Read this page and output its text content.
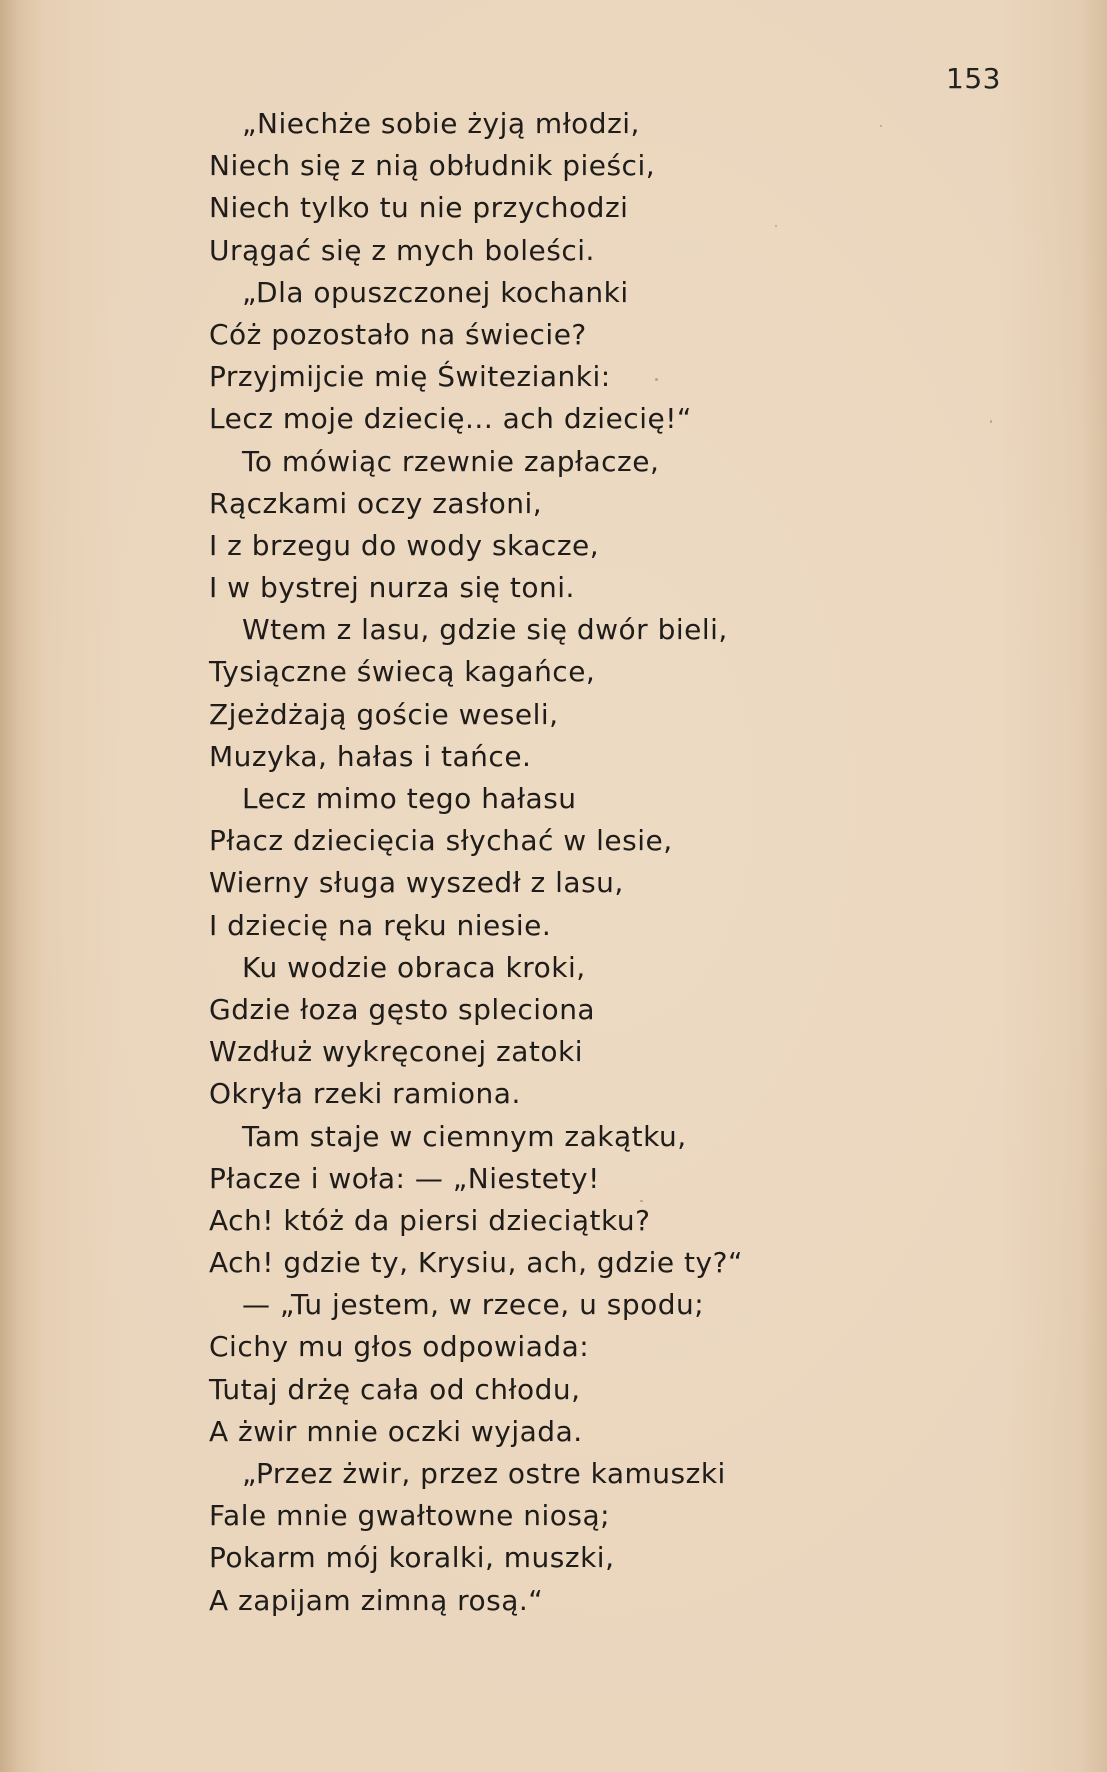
153
„Niechże sobie żyją młodzi,
Niech się z nią obłudnik pieści,
Niech tylko tu nie przychodzi
Urągać się z mych boleści.
„Dla opuszczonej kochanki
Cóż pozostało na świecie?
Przyjmijcie mię Świtezianki:
Lecz moje dziecię... ach dziecię!“
To mówiąc rzewnie zapłacze,
Rączkami oczy zasłoni,
I z brzegu do wody skacze,
I w bystrej nurza się toni.
Wtem z lasu, gdzie się dwór bieli,
Tysiączne świecą kagańce,
Zjeżdżają goście weseli,
Muzyka, hałas i tańce.
Lecz mimo tego hałasu
Płacz dziecięcia słychać w lesie,
Wierny sługa wyszedł z lasu,
I dziecię na ręku niesie.
Ku wodzie obraca kroki,
Gdzie łoza gęsto spleciona
Wzdłuż wykręconej zatoki
Okryła rzeki ramiona.
Tam staje w ciemnym zakątku,
Płacze i woła: — „Niestety!
Ach! któż da piersi dzieciątku?
Ach! gdzie ty, Krysiu, ach, gdzie ty?“
— „Tu jestem, w rzece, u spodu;
Cichy mu głos odpowiada:
Tutaj drżę cała od chłodu,
A żwir mnie oczki wyjada.
„Przez żwir, przez ostre kamuszki
Fale mnie gwałtowne niosą;
Pokarm mój koralki, muszki,
A zapijam zimną rosą.“
